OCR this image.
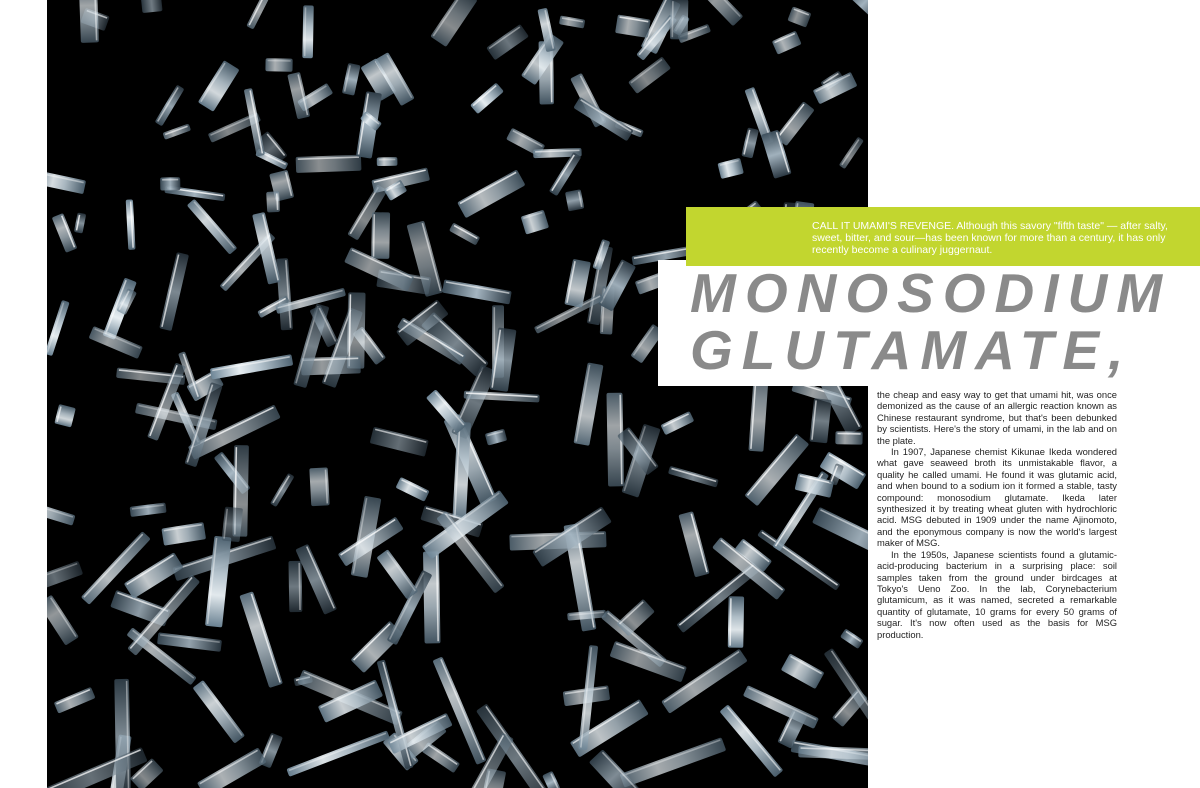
CALL IT UMAMI'S REVENGE. Although this savory "fifth taste" — after salty, sweet, bitter, and sour—has been known for more than a century, it has only recently become a culinary juggernaut.
MONOSODIUM
GLUTAMATE,

the cheap and easy way to get that umami hit, was once demonized as the cause of an allergic reaction known as Chinese restaurant syndrome, but that's been debunked by scientists. Here's the story of umami, in the lab and on the plate.

In 1907, Japanese chemist Kikunae Ikeda wondered what gave seaweed broth its unmistakable flavor, a quality he called umami. He found it was glutamic acid, and when bound to a sodium ion it formed a stable, tasty compound: monosodium glutamate. Ikeda later synthesized it by treating wheat gluten with hydrochloric acid. MSG debuted in 1909 under the name Ajinomoto, and the eponymous company is now the world's largest maker of MSG.

In the 1950s, Japanese scientists found a glutamic-acid-producing bacterium in a surprising place: soil samples taken from the ground under birdcages at Tokyo's Ueno Zoo. In the lab, Corynebacterium glutamicum, as it was named, secreted a remarkable quantity of glutamate, 10 grams for every 50 grams of sugar. It's now often used as the basis for MSG production.
